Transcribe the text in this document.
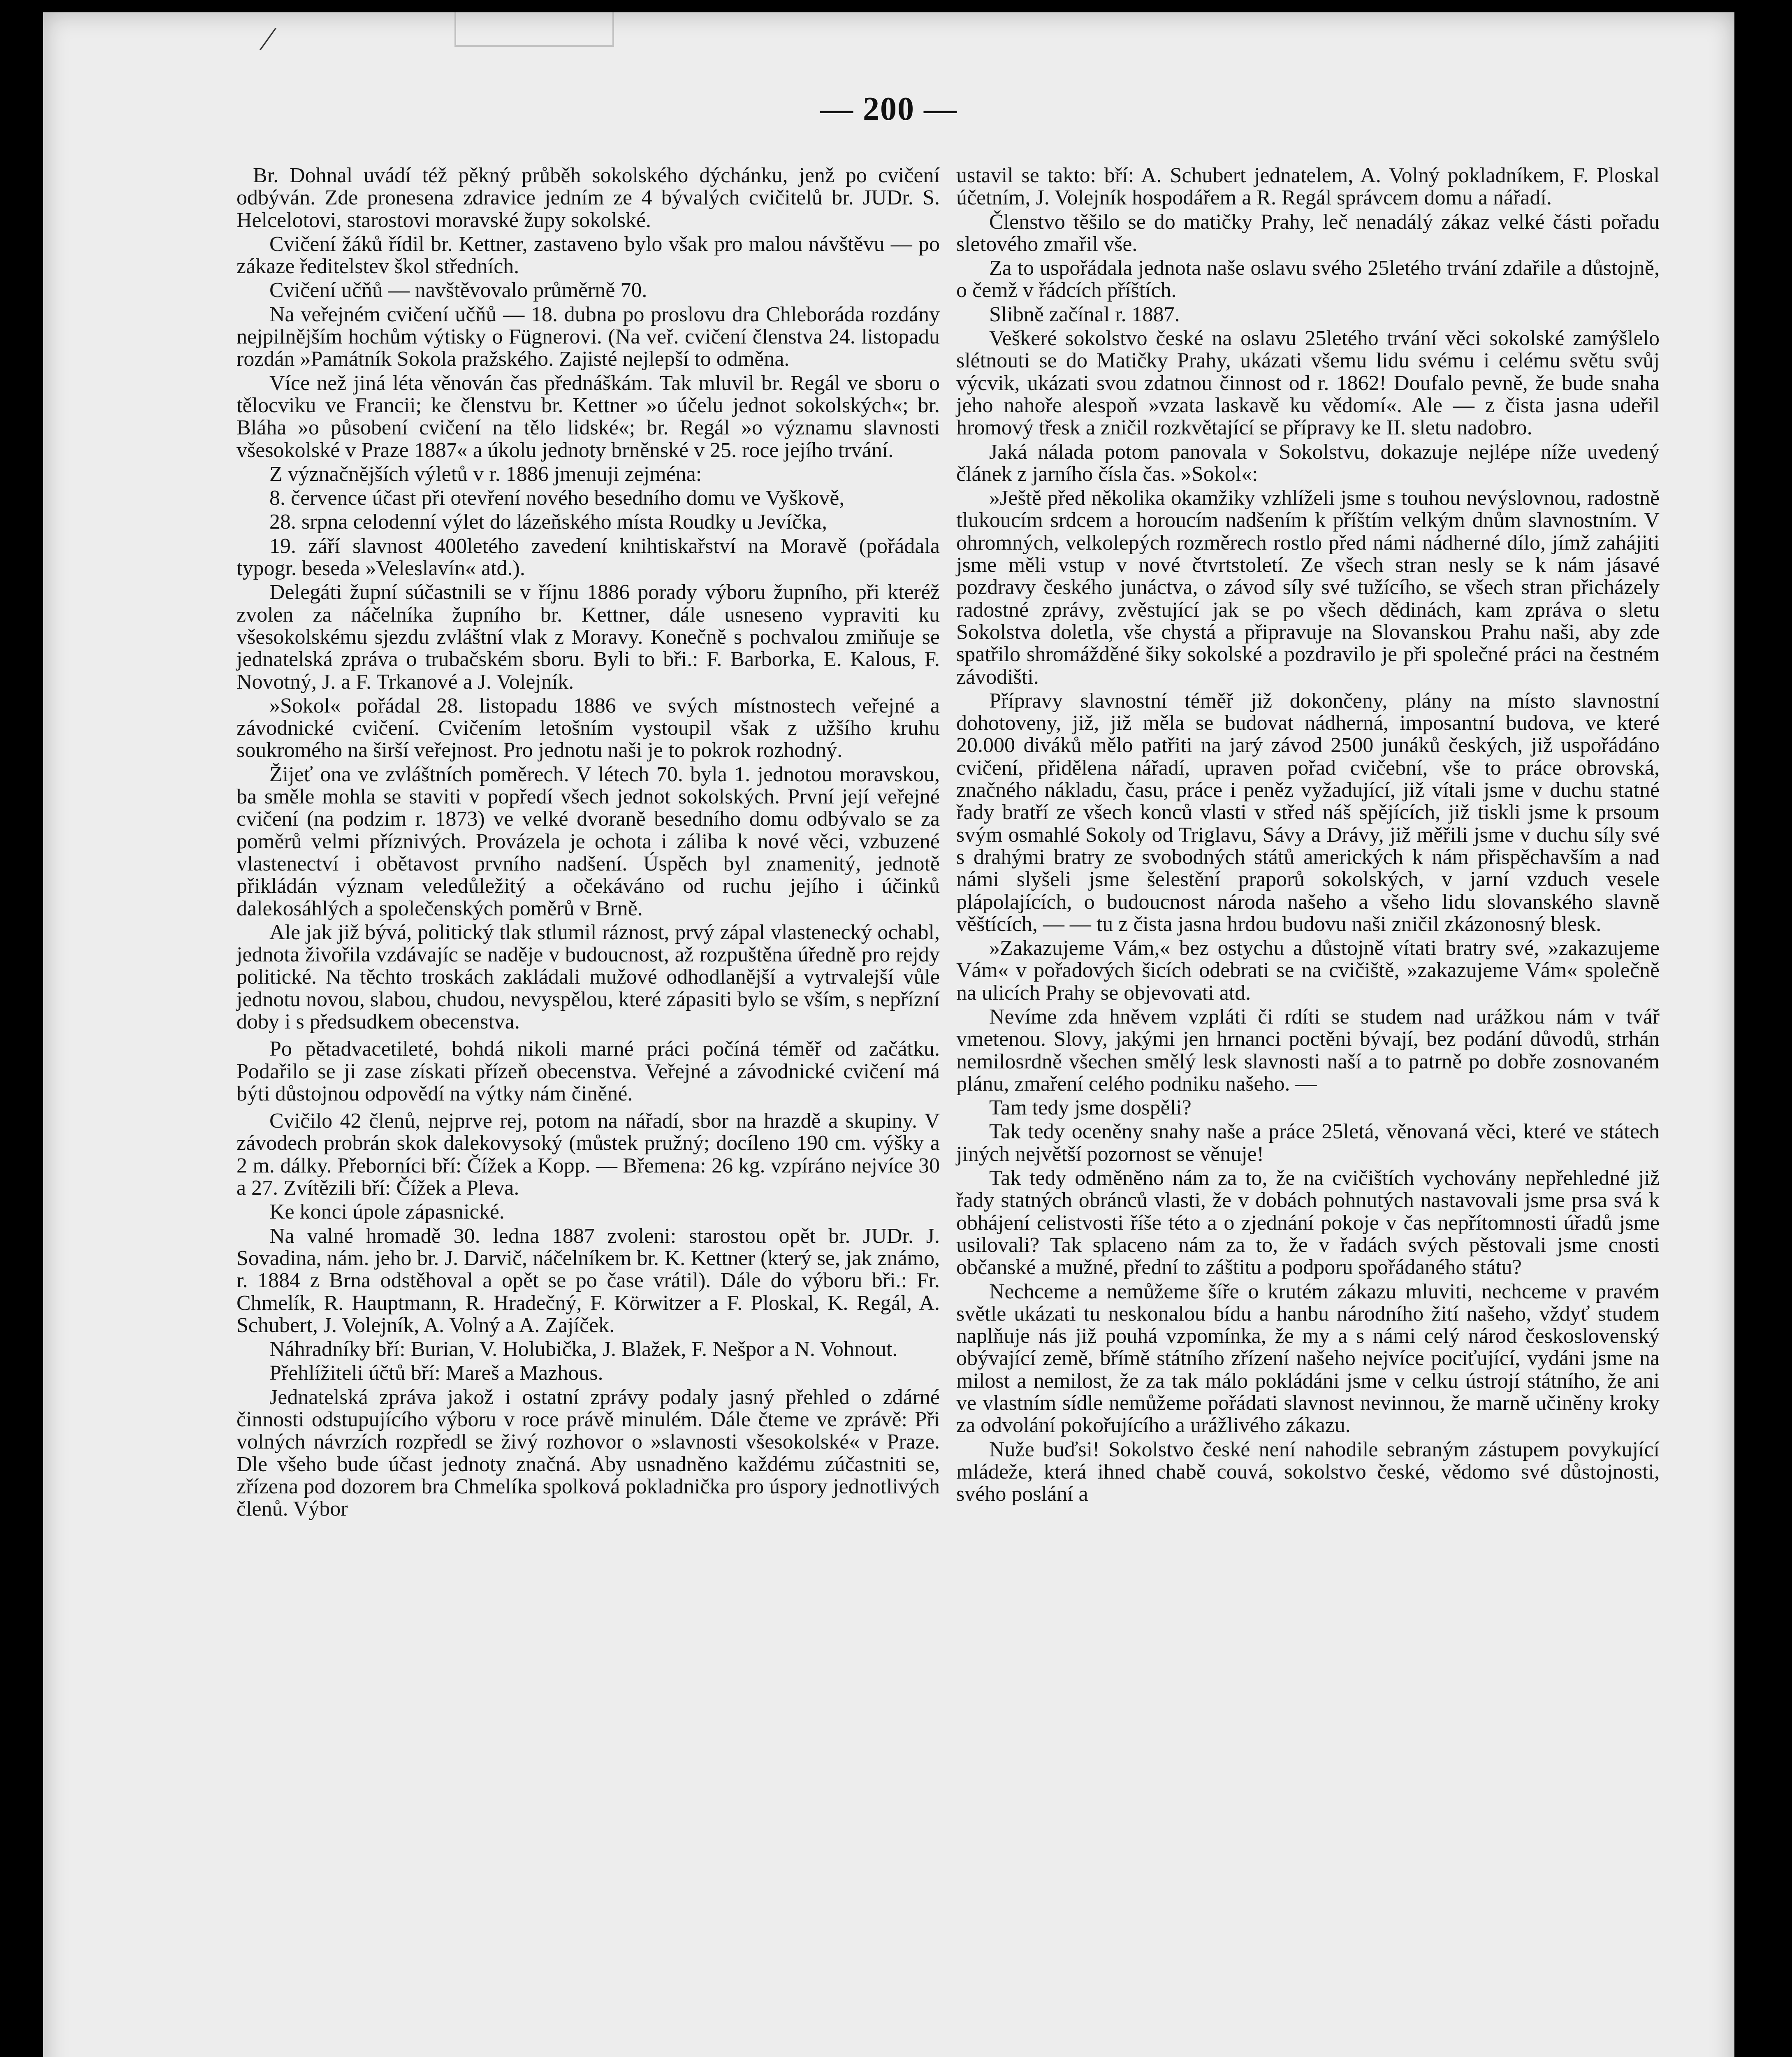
⁄
— 200 —

Br. Dohnal uvádí též pěkný průběh sokolského dýchánku, jenž po cvičení odbýván. Zde pronesena zdravice jedním ze 4 bývalých cvičitelů br. JUDr. S. Helcelotovi, starostovi moravské župy sokolské.

Cvičení žáků řídil br. Kettner, zastaveno bylo však pro malou návštěvu — po zákaze ředitelstev škol středních.

Cvičení učňů — navštěvovalo průměrně 70.

Na veřejném cvičení učňů — 18. dubna po proslovu dra Chleboráda rozdány nejpilnějším hochům výtisky o Fügnerovi. (Na veř. cvičení členstva 24. listopadu rozdán »Památník Sokola pražského. Zajisté nejlepší to odměna.

Více než jiná léta věnován čas přednáškám. Tak mluvil br. Regál ve sboru o tělocviku ve Francii; ke členstvu br. Kettner »o účelu jednot sokolských«; br. Bláha »o působení cvičení na tělo lidské«; br. Regál »o významu slavnosti všesokolské v Praze 1887« a úkolu jednoty brněnské v 25. roce jejího trvání.

Z význačnějších výletů v r. 1886 jmenuji zejména:

8. července účast při otevření nového besedního domu ve Vyškově,

28. srpna celodenní výlet do lázeňského místa Roudky u Jevíčka,

19. září slavnost 400letého zavedení knihtiskařství na Moravě (pořádala typogr. beseda »Veleslavín« atd.).

Delegáti župní súčastnili se v říjnu 1886 porady výboru župního, při kteréž zvolen za náčelníka župního br. Kettner, dále usneseno vypraviti ku všesokolskému sjezdu zvláštní vlak z Moravy. Konečně s pochvalou zmiňuje se jednatelská zpráva o trubačském sboru. Byli to bři.: F. Barborka, E. Kalous, F. Novotný, J. a F. Trkanové a J. Volejník.

»Sokol« pořádal 28. listopadu 1886 ve svých místnostech veřejné a závodnické cvičení. Cvičením letošním vystoupil však z užšího kruhu soukromého na širší veřejnost. Pro jednotu naši je to pokrok rozhodný.

Žijeť ona ve zvláštních poměrech. V létech 70. byla 1. jednotou moravskou, ba směle mohla se staviti v popředí všech jednot sokolských. První její veřejné cvičení (na podzim r. 1873) ve velké dvoraně besedního domu odbývalo se za poměrů velmi příznivých. Provázela je ochota i záliba k nové věci, vzbuzené vlastenectví i obětavost prvního nadšení. Úspěch byl znamenitý, jednotě přikládán význam veledůležitý a očekáváno od ruchu jejího i účinků dalekosáhlých a společenských poměrů v Brně.

Ale jak již bývá, politický tlak stlumil ráznost, prvý zápal vlastenecký ochabl, jednota živořila vzdávajíc se naděje v budoucnost, až rozpuštěna úředně pro rejdy politické. Na těchto troskách zakládali mužové odhodlanější a vytrvalejší vůle jednotu novou, slabou, chudou, nevyspělou, které zápasiti bylo se vším, s nepřízní doby i s předsudkem obecenstva.

Po pětadvacetileté, bohdá nikoli marné práci počíná téměř od začátku. Podařilo se ji zase získati přízeň obecenstva. Veřejné a závodnické cvičení má býti důstojnou odpovědí na výtky nám činěné.

Cvičilo 42 členů, nejprve rej, potom na nářadí, sbor na hrazdě a skupiny. V závodech probrán skok dalekovysoký (můstek pružný; docíleno 190 cm. výšky a 2 m. dálky. Přeborníci bří: Čížek a Kopp. — Břemena: 26 kg. vzpíráno nejvíce 30 a 27. Zvítězili bří: Čížek a Pleva.

Ke konci úpole zápasnické.

Na valné hromadě 30. ledna 1887 zvoleni: starostou opět br. JUDr. J. Sovadina, nám. jeho br. J. Darvič, náčelníkem br. K. Kettner (který se, jak známo, r. 1884 z Brna odstěhoval a opět se po čase vrátil). Dále do výboru bři.: Fr. Chmelík, R. Hauptmann, R. Hradečný, F. Körwitzer a F. Ploskal, K. Regál, A. Schubert, J. Volejník, A. Volný a A. Zajíček.

Náhradníky bří: Burian, V. Holubička, J. Blažek, F. Nešpor a N. Vohnout.

Přehlížiteli účtů bří: Mareš a Mazhous.

Jednatelská zpráva jakož i ostatní zprávy podaly jasný přehled o zdárné činnosti odstupujícího výboru v roce právě minulém. Dále čteme ve zprávě: Při volných návrzích rozpředl se živý rozhovor o »slavnosti všesokolské« v Praze. Dle všeho bude účast jednoty značná. Aby usnadněno každému zúčastniti se, zřízena pod dozorem bra Chmelíka spolková pokladnička pro úspory jednotlivých členů. Výbor

ustavil se takto: bří: A. Schubert jednatelem, A. Volný pokladníkem, F. Ploskal účetním, J. Volejník hospodářem a R. Regál správcem domu a nářadí.

Členstvo těšilo se do matičky Prahy, leč nenadálý zákaz velké části pořadu sletového zmařil vše.

Za to uspořádala jednota naše oslavu svého 25letého trvání zdařile a důstojně, o čemž v řádcích příštích.

Slibně začínal r. 1887.

Veškeré sokolstvo české na oslavu 25letého trvání věci sokolské zamýšlelo slétnouti se do Matičky Prahy, ukázati všemu lidu svému i celému světu svůj výcvik, ukázati svou zdatnou činnost od r. 1862! Doufalo pevně, že bude snaha jeho nahoře alespoň »vzata laskavě ku vědomí«. Ale — z čista jasna udeřil hromový třesk a zničil rozkvětající se přípravy ke II. sletu nadobro.

Jaká nálada potom panovala v Sokolstvu, dokazuje nejlépe níže uvedený článek z jarního čísla čas. »Sokol«:

»Ještě před několika okamžiky vzhlíželi jsme s touhou nevýslovnou, radostně tlukoucím srdcem a horoucím nadšením k příštím velkým dnům slavnostním. V ohromných, velkolepých rozměrech rostlo před námi nádherné dílo, jímž zahájiti jsme měli vstup v nové čtvrtstoletí. Ze všech stran nesly se k nám jásavé pozdravy českého junáctva, o závod síly své tužícího, se všech stran přicházely radostné zprávy, zvěstující jak se po všech dědinách, kam zpráva o sletu Sokolstva doletla, vše chystá a připravuje na Slovanskou Prahu naši, aby zde spatřilo shromážděné šiky sokolské a pozdravilo je při společné práci na čestném závodišti.

Přípravy slavnostní téměř již dokončeny, plány na místo slavnostní dohotoveny, již, již měla se budovat nádherná, imposantní budova, ve které 20.000 diváků mělo patřiti na jarý závod 2500 junáků českých, již uspořádáno cvičení, přidělena nářadí, upraven pořad cvičební, vše to práce obrovská, značného nákladu, času, práce i peněz vyžadující, již vítali jsme v duchu statné řady bratří ze všech konců vlasti v střed náš spějících, již tiskli jsme k prsoum svým osmahlé Sokoly od Triglavu, Sávy a Drávy, již měřili jsme v duchu síly své s drahými bratry ze svobodných států amerických k nám přispěchavším a nad námi slyšeli jsme šelestění praporů sokolských, v jarní vzduch vesele plápolajících, o budoucnost národa našeho a všeho lidu slovanského slavně věštících, — — tu z čista jasna hrdou budovu naši zničil zkázonosný blesk.

»Zakazujeme Vám,« bez ostychu a důstojně vítati bratry své, »zakazujeme Vám« v pořadových šicích odebrati se na cvičiště, »zakazujeme Vám« společně na ulicích Prahy se objevovati atd.

Nevíme zda hněvem vzpláti či rdíti se studem nad urážkou nám v tvář vmetenou. Slovy, jakými jen hrnanci poctěni bývají, bez podání důvodů, strhán nemilosrdně všechen smělý lesk slavnosti naší a to patrně po dobře zosnovaném plánu, zmaření celého podniku našeho. —

Tam tedy jsme dospěli?

Tak tedy oceněny snahy naše a práce 25letá, věnovaná věci, které ve státech jiných největší pozornost se věnuje!

Tak tedy odměněno nám za to, že na cvičištích vychovány nepřehledné již řady statných obránců vlasti, že v dobách pohnutých nastavovali jsme prsa svá k obhájení celistvosti říše této a o zjednání pokoje v čas nepřítomnosti úřadů jsme usilovali? Tak splaceno nám za to, že v řadách svých pěstovali jsme cnosti občanské a mužné, přední to záštitu a podporu spořádaného státu?

Nechceme a nemůžeme šíře o krutém zákazu mluviti, nechceme v pravém světle ukázati tu neskonalou bídu a hanbu národního žití našeho, vždyť studem naplňuje nás již pouhá vzpomínka, že my a s námi celý národ československý obývající země, břímě státního zřízení našeho nejvíce pociťující, vydáni jsme na milost a nemilost, že za tak málo pokládáni jsme v celku ústrojí státního, že ani ve vlastním sídle nemůžeme pořádati slavnost nevinnou, že marně učiněny kroky za odvolání pokořujícího a urážlivého zákazu.

Nuže buďsi! Sokolstvo české není nahodile sebraným zástupem povykující mládeže, která ihned chabě couvá, sokolstvo české, vědomo své důstojnosti, svého poslání a
